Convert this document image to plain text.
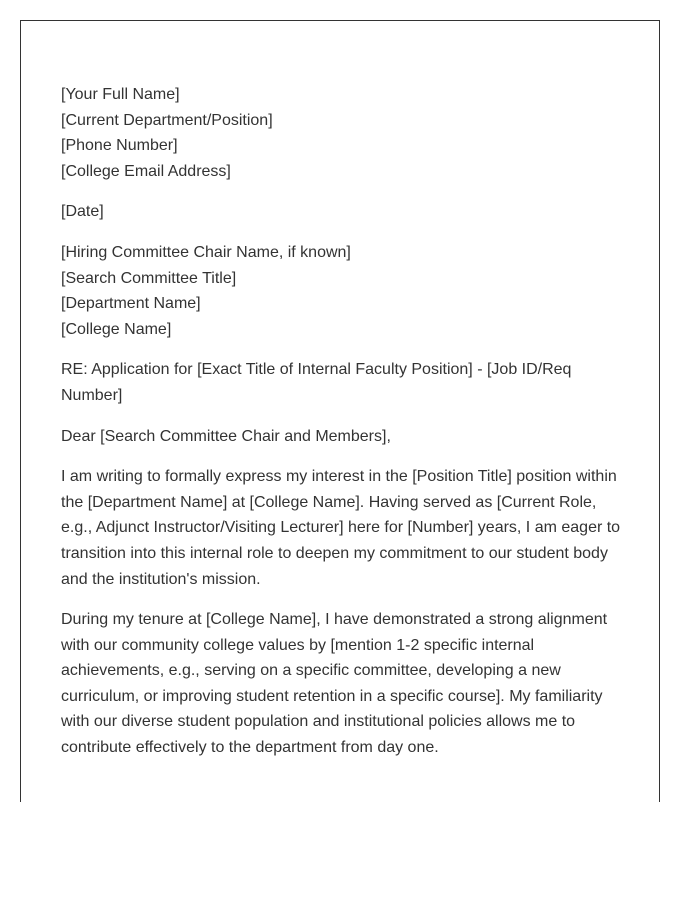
[Your Full Name]
[Current Department/Position]
[Phone Number]
[College Email Address]
[Date]
[Hiring Committee Chair Name, if known]
[Search Committee Title]
[Department Name]
[College Name]

RE: Application for [Exact Title of Internal Faculty Position] - [Job ID/Req Number]

Dear [Search Committee Chair and Members],

I am writing to formally express my interest in the [Position Title] position within the [Department Name] at [College Name]. Having served as [Current Role, e.g., Adjunct Instructor/Visiting Lecturer] here for [Number] years, I am eager to transition into this internal role to deepen my commitment to our student body and the institution's mission.

During my tenure at [College Name], I have demonstrated a strong alignment with our community college values by [mention 1-2 specific internal achievements, e.g., serving on a specific committee, developing a new curriculum, or improving student retention in a specific course]. My familiarity with our diverse student population and institutional policies allows me to contribute effectively to the department from day one.
